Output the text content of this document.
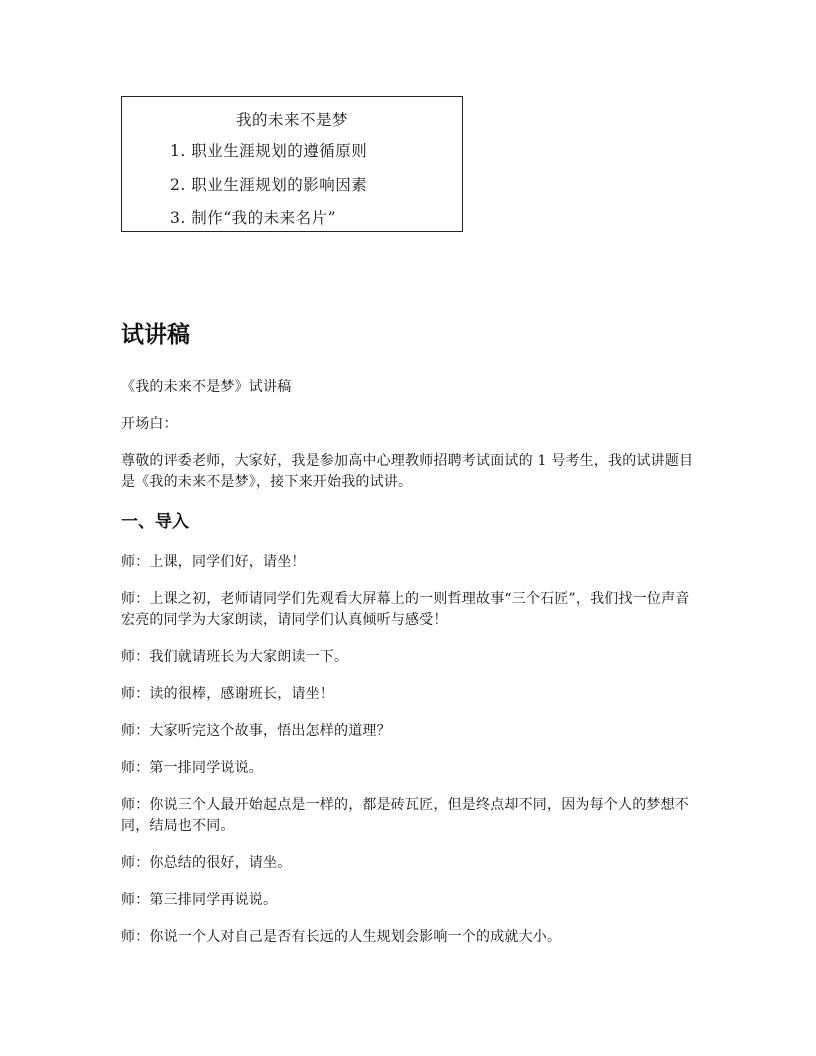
我的未来不是梦
1. 职业生涯规划的遵循原则
2. 职业生涯规划的影响因素
3. 制作“我的未来名片”
试讲稿

《我的未来不是梦》试讲稿

开场白：

尊敬的评委老师，大家好，我是参加高中心理教师招聘考试面试的 1 号考生，我的试讲题目是《我的未来不是梦》，接下来开始我的试讲。

一、导入

师：上课，同学们好，请坐！

师：上课之初，老师请同学们先观看大屏幕上的一则哲理故事“三个石匠”，我们找一位声音宏亮的同学为大家朗读，请同学们认真倾听与感受！

师：我们就请班长为大家朗读一下。

师：读的很棒，感谢班长，请坐！

师：大家听完这个故事，悟出怎样的道理？

师：第一排同学说说。

师：你说三个人最开始起点是一样的，都是砖瓦匠，但是终点却不同，因为每个人的梦想不同，结局也不同。

师：你总结的很好，请坐。

师：第三排同学再说说。

师：你说一个人对自己是否有长远的人生规划会影响一个的成就大小。
